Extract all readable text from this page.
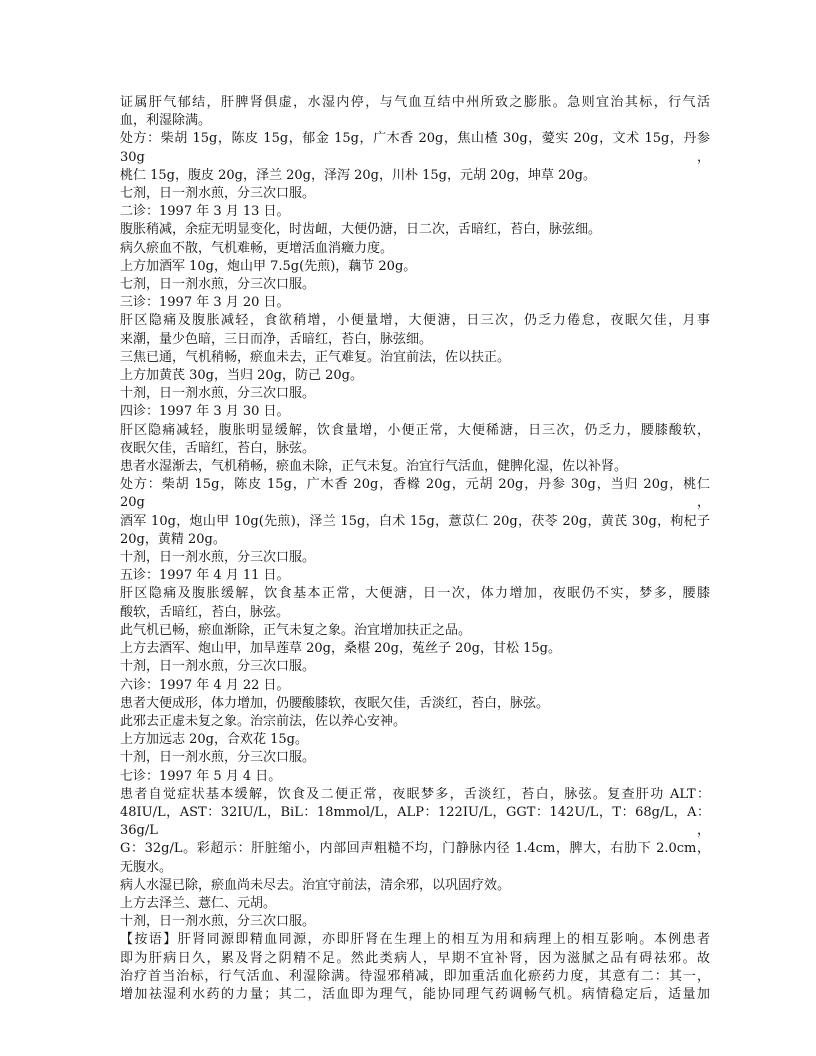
证属肝气郁结，肝脾肾俱虚，水湿内停，与气血互结中州所致之膨胀。急则宜治其标，行气活
血，利湿除满。
处方：柴胡 15g，陈皮 15g，郁金 15g，广木香 20g，焦山楂 30g，薆实 20g，文术 15g，丹参 30g，
桃仁 15g，腹皮 20g，泽兰 20g，泽泻 20g，川朴 15g，元胡 20g，坤草 20g。
七剂，日一剂水煎，分三次口服。
二诊：1997 年 3 月 13 日。
腹胀稍减，余症无明显变化，时齿衄，大便仍溏，日二次，舌暗红，苔白，脉弦细。
病久瘀血不散，气机难畅，更增活血消癥力度。
上方加酒军 10g，炮山甲 7.5g(先煎)，藕节 20g。
七剂，日一剂水煎，分三次口服。
三诊：1997 年 3 月 20 日。
肝区隐痛及腹胀减轻，食欲稍增，小便量增，大便溏，日三次，仍乏力倦怠，夜眠欠佳，月事
来潮，量少色暗，三日而净，舌暗红，苔白，脉弦细。
三焦已通，气机稍畅，瘀血未去，正气难复。治宜前法，佐以扶正。
上方加黄芪 30g，当归 20g，防己 20g。
十剂，日一剂水煎，分三次口服。
四诊：1997 年 3 月 30 日。
肝区隐痛减轻，腹胀明显缓解，饮食量增，小便正常，大便稀溏，日三次，仍乏力，腰膝酸软，
夜眠欠佳，舌暗红，苔白，脉弦。
患者水湿渐去，气机稍畅，瘀血未除，正气未复。治宜行气活血，健脾化湿，佐以补肾。
处方：柴胡 15g，陈皮 15g，广木香 20g，香橼 20g，元胡 20g，丹参 30g，当归 20g，桃仁 20g，
酒军 10g，炮山甲 10g(先煎)，泽兰 15g，白术 15g，薏苡仁 20g，茯苓 20g，黄芪 30g，枸杞子
20g，黄精 20g。
十剂，日一剂水煎，分三次口服。
五诊：1997 年 4 月 11 日。
肝区隐痛及腹胀缓解，饮食基本正常，大便溏，日一次，体力增加，夜眠仍不实，梦多，腰膝
酸软，舌暗红，苔白，脉弦。
此气机已畅，瘀血渐除，正气未复之象。治宜增加扶正之品。
上方去酒军、炮山甲，加旱莲草 20g，桑椹 20g，菟丝子 20g，甘松 15g。
十剂，日一剂水煎，分三次口服。
六诊：1997 年 4 月 22 日。
患者大便成形，体力增加，仍腰酸膝软，夜眠欠佳，舌淡红，苔白，脉弦。
此邪去正虚未复之象。治宗前法，佐以养心安神。
上方加远志 20g，合欢花 15g。
十剂，日一剂水煎，分三次口服。
七诊：1997 年 5 月 4 日。
患者自觉症状基本缓解，饮食及二便正常，夜眠梦多，舌淡红，苔白，脉弦。复查肝功 ALT：
48IU/L，AST：32IU/L，BiL：18mmol/L，ALP：122IU/L，GGT：142U/L，T：68g/L，A：36g/L，
G：32g/L。彩超示：肝脏缩小，内部回声粗糙不均，门静脉内径 1.4cm，脾大，右肋下 2.0cm，
无腹水。
病人水湿已除，瘀血尚未尽去。治宜守前法，清余邪，以巩固疗效。
上方去泽兰、薏仁、元胡。
十剂，日一剂水煎，分三次口服。
【按语】肝肾同源即精血同源，亦即肝肾在生理上的相互为用和病理上的相互影响。本例患者
即为肝病日久，累及肾之阴精不足。然此类病人，早期不宜补肾，因为滋腻之品有碍祛邪。故
治疗首当治标，行气活血、利湿除满。待湿邪稍减，即加重活血化瘀药力度，其意有二：其一，
增加祛湿利水药的力量；其二，活血即为理气，能协同理气药调畅气机。病情稳定后，适量加
